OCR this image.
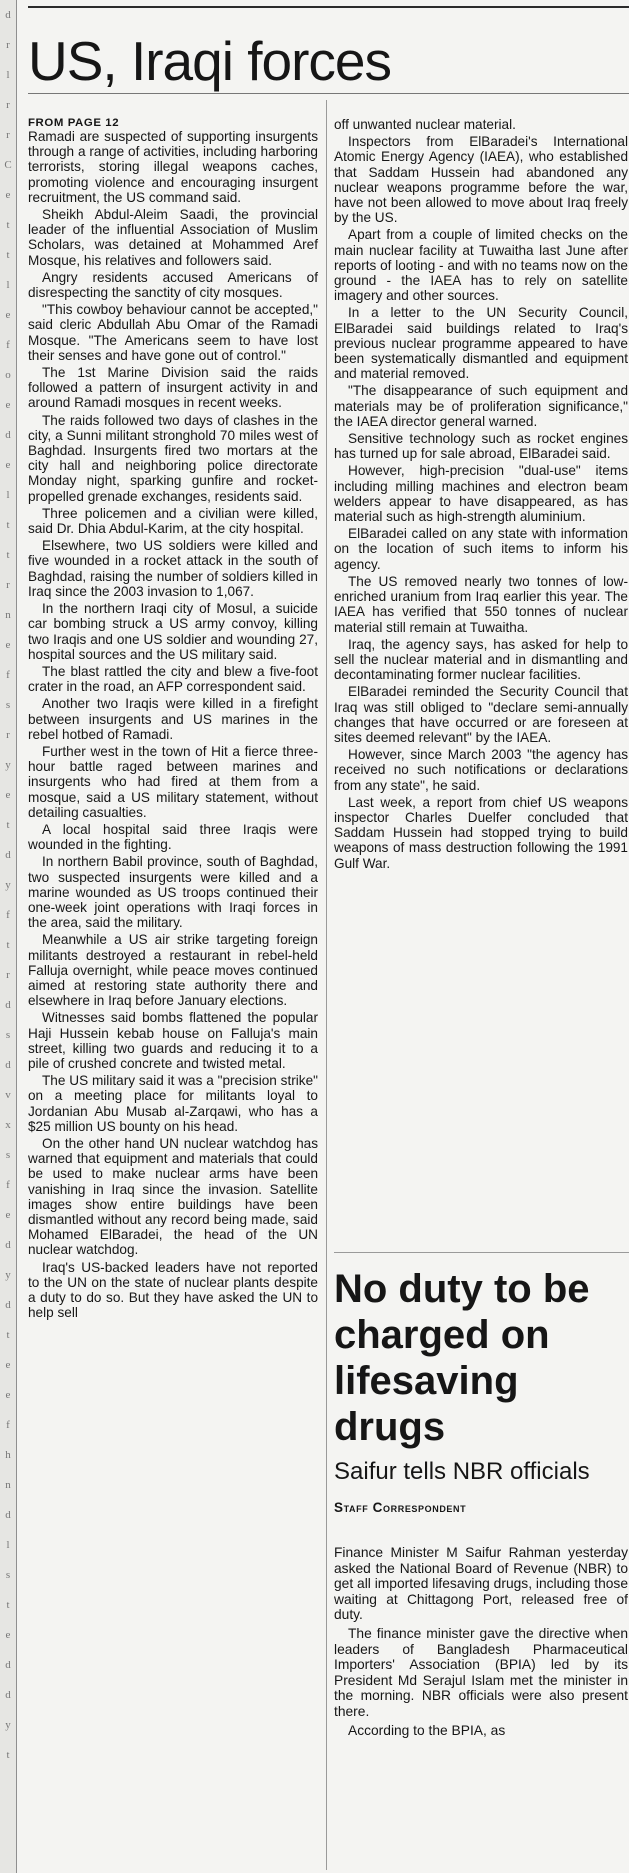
d
r
l
r
r
C
e
t
t
l
e
f
o
e
d
e
l
t
t
r
n
e
f
s
r
y
e
t
d
y
f
t
r
d
s
d
v
x
s
f
e
d
y
d
t
e
e
f
h
n
d
l
s
t
e
d
d
y
t
US, Iraqi forces
FROM PAGE 12

Ramadi are suspected of supporting insurgents through a range of activities, including harboring terrorists, storing illegal weapons caches, promoting violence and encouraging insurgent recruitment, the US command said.

Sheikh Abdul-Aleim Saadi, the provincial leader of the influential Association of Muslim Scholars, was detained at Mohammed Aref Mosque, his relatives and followers said.

Angry residents accused Americans of disrespecting the sanctity of city mosques.

"This cowboy behaviour cannot be accepted," said cleric Abdullah Abu Omar of the Ramadi Mosque. "The Americans seem to have lost their senses and have gone out of control."

The 1st Marine Division said the raids followed a pattern of insurgent activity in and around Ramadi mosques in recent weeks.

The raids followed two days of clashes in the city, a Sunni militant stronghold 70 miles west of Baghdad. Insurgents fired two mortars at the city hall and neighboring police directorate Monday night, sparking gunfire and rocket-propelled grenade exchanges, residents said.

Three policemen and a civilian were killed, said Dr. Dhia Abdul-Karim, at the city hospital.

Elsewhere, two US soldiers were killed and five wounded in a rocket attack in the south of Baghdad, raising the number of soldiers killed in Iraq since the 2003 invasion to 1,067.

In the northern Iraqi city of Mosul, a suicide car bombing struck a US army convoy, killing two Iraqis and one US soldier and wounding 27, hospital sources and the US military said.

The blast rattled the city and blew a five-foot crater in the road, an AFP correspondent said.

Another two Iraqis were killed in a firefight between insurgents and US marines in the rebel hotbed of Ramadi.

Further west in the town of Hit a fierce three-hour battle raged between marines and insurgents who had fired at them from a mosque, said a US military statement, without detailing casualties.

A local hospital said three Iraqis were wounded in the fighting.

In northern Babil province, south of Baghdad, two suspected insurgents were killed and a marine wounded as US troops continued their one-week joint operations with Iraqi forces in the area, said the military.

Meanwhile a US air strike targeting foreign militants destroyed a restaurant in rebel-held Falluja overnight, while peace moves continued aimed at restoring state authority there and elsewhere in Iraq before January elections.

Witnesses said bombs flattened the popular Haji Hussein kebab house on Falluja's main street, killing two guards and reducing it to a pile of crushed concrete and twisted metal.

The US military said it was a "precision strike" on a meeting place for militants loyal to Jordanian Abu Musab al-Zarqawi, who has a $25 million US bounty on his head.

On the other hand UN nuclear watchdog has warned that equipment and materials that could be used to make nuclear arms have been vanishing in Iraq since the invasion. Satellite images show entire buildings have been dismantled without any record being made, said Mohamed ElBaradei, the head of the UN nuclear watchdog.

Iraq's US-backed leaders have not reported to the UN on the state of nuclear plants despite a duty to do so. But they have asked the UN to help sell

off unwanted nuclear material.

Inspectors from ElBaradei's International Atomic Energy Agency (IAEA), who established that Saddam Hussein had abandoned any nuclear weapons programme before the war, have not been allowed to move about Iraq freely by the US.

Apart from a couple of limited checks on the main nuclear facility at Tuwaitha last June after reports of looting - and with no teams now on the ground - the IAEA has to rely on satellite imagery and other sources.

In a letter to the UN Security Council, ElBaradei said buildings related to Iraq's previous nuclear programme appeared to have been systematically dismantled and equipment and material removed.

"The disappearance of such equipment and materials may be of proliferation significance," the IAEA director general warned.

Sensitive technology such as rocket engines has turned up for sale abroad, ElBaradei said.

However, high-precision "dual-use" items including milling machines and electron beam welders appear to have disappeared, as has material such as high-strength aluminium.

ElBaradei called on any state with information on the location of such items to inform his agency.

The US removed nearly two tonnes of low-enriched uranium from Iraq earlier this year. The IAEA has verified that 550 tonnes of nuclear material still remain at Tuwaitha.

Iraq, the agency says, has asked for help to sell the nuclear material and in dismantling and decontaminating former nuclear facilities.

ElBaradei reminded the Security Council that Iraq was still obliged to "declare semi-annually changes that have occurred or are foreseen at sites deemed relevant" by the IAEA.

However, since March 2003 "the agency has received no such notifications or declarations from any state", he said.

Last week, a report from chief US weapons inspector Charles Duelfer concluded that Saddam Hussein had stopped trying to build weapons of mass destruction following the 1991 Gulf War.

No duty to be charged on lifesaving drugs
Saifur tells NBR officials
Staff Correspondent

Finance Minister M Saifur Rahman yesterday asked the National Board of Revenue (NBR) to get all imported lifesaving drugs, including those waiting at Chittagong Port, released free of duty.

The finance minister gave the directive when leaders of Bangladesh Pharmaceutical Importers' Association (BPIA) led by its President Md Serajul Islam met the minister in the morning. NBR officials were also present there.

According to the BPIA, as
